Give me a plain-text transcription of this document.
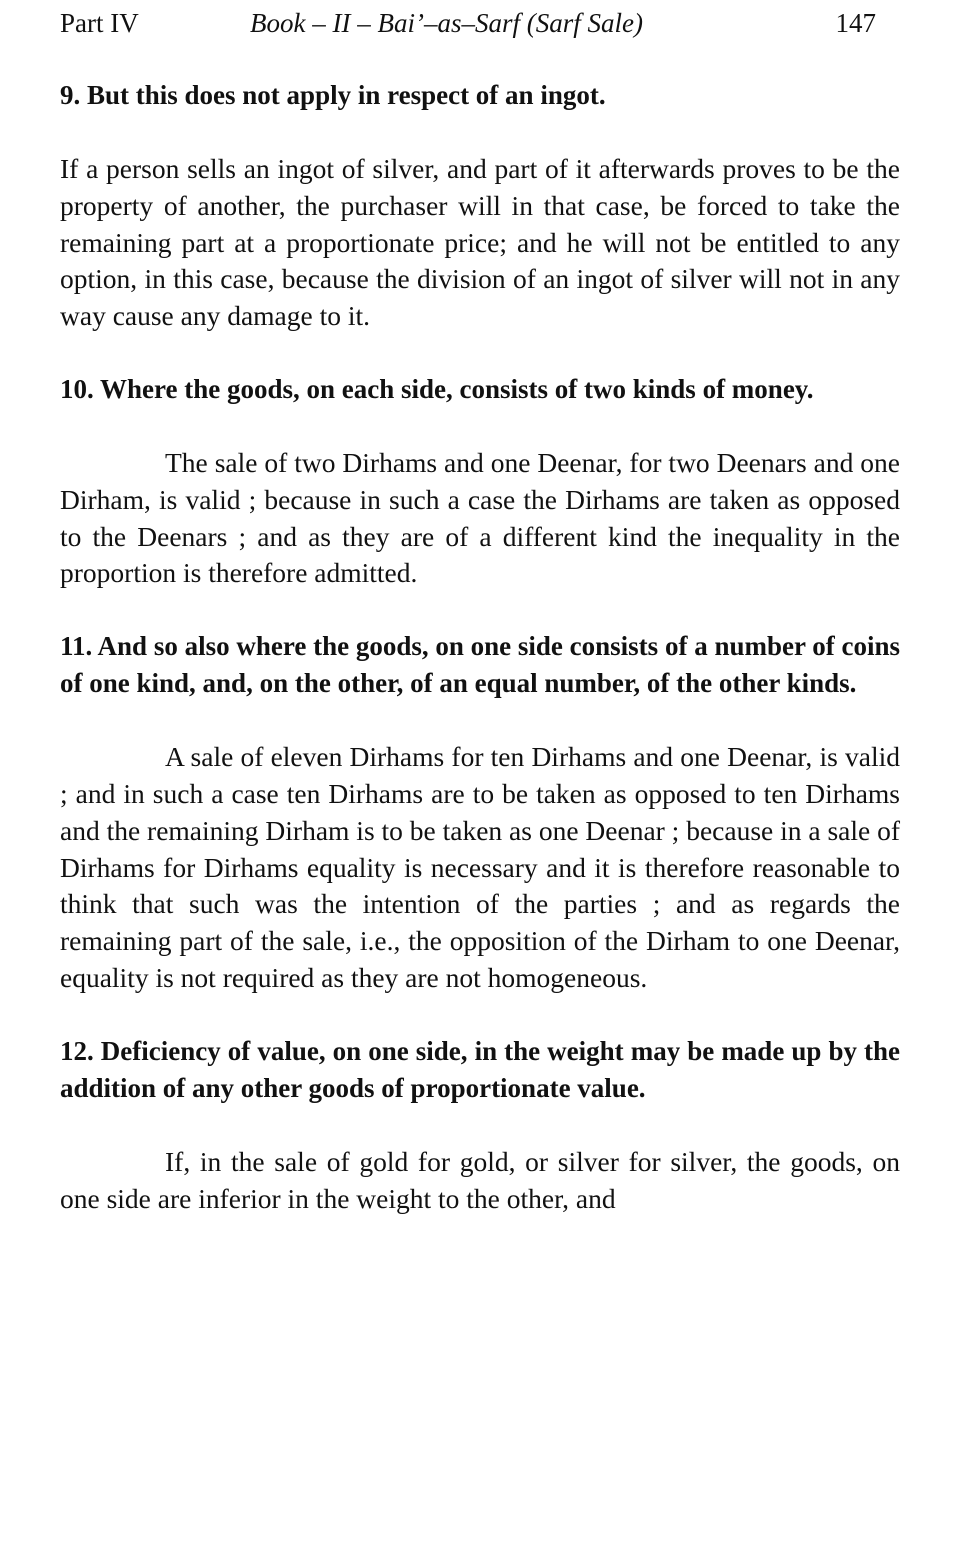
Part IV	Book – II – Bai’–as–Sarf (Sarf Sale)	147

9. But this does not apply in respect of an ingot.

If a person sells an ingot of silver, and part of it afterwards proves to be the property of another, the purchaser will in that case, be forced to take the remaining part at a proportionate price; and he will not be entitled to any option, in this case, because the division of an ingot of silver will not in any way cause any damage to it.

10. Where the goods, on each side, consists of two kinds of money.

The sale of two Dirhams and one Deenar, for two Deenars and one Dirham, is valid ; because in such a case the Dirhams are taken as opposed to the Deenars ; and as they are of a different kind the inequality in the proportion is therefore admitted.

11. And so also where the goods, on one side consists of a number of coins of one kind, and, on the other, of an equal number, of the other kinds.

A sale of eleven Dirhams for ten Dirhams and one Deenar, is valid ; and in such a case ten Dirhams are to be taken as opposed to ten Dirhams and the remaining Dirham is to be taken as one Deenar ; because in a sale of Dirhams for Dirhams equality is necessary and it is therefore reasonable to think that such was the intention of the parties ; and as regards the remaining part of the sale, i.e., the opposition of the Dirham to one Deenar, equality is not required as they are not homogeneous.

12. Deficiency of value, on one side, in the weight may be made up by the addition of any other goods of proportionate value.

If, in the sale of gold for gold, or silver for silver, the goods, on one side are inferior in the weight to the other, and
